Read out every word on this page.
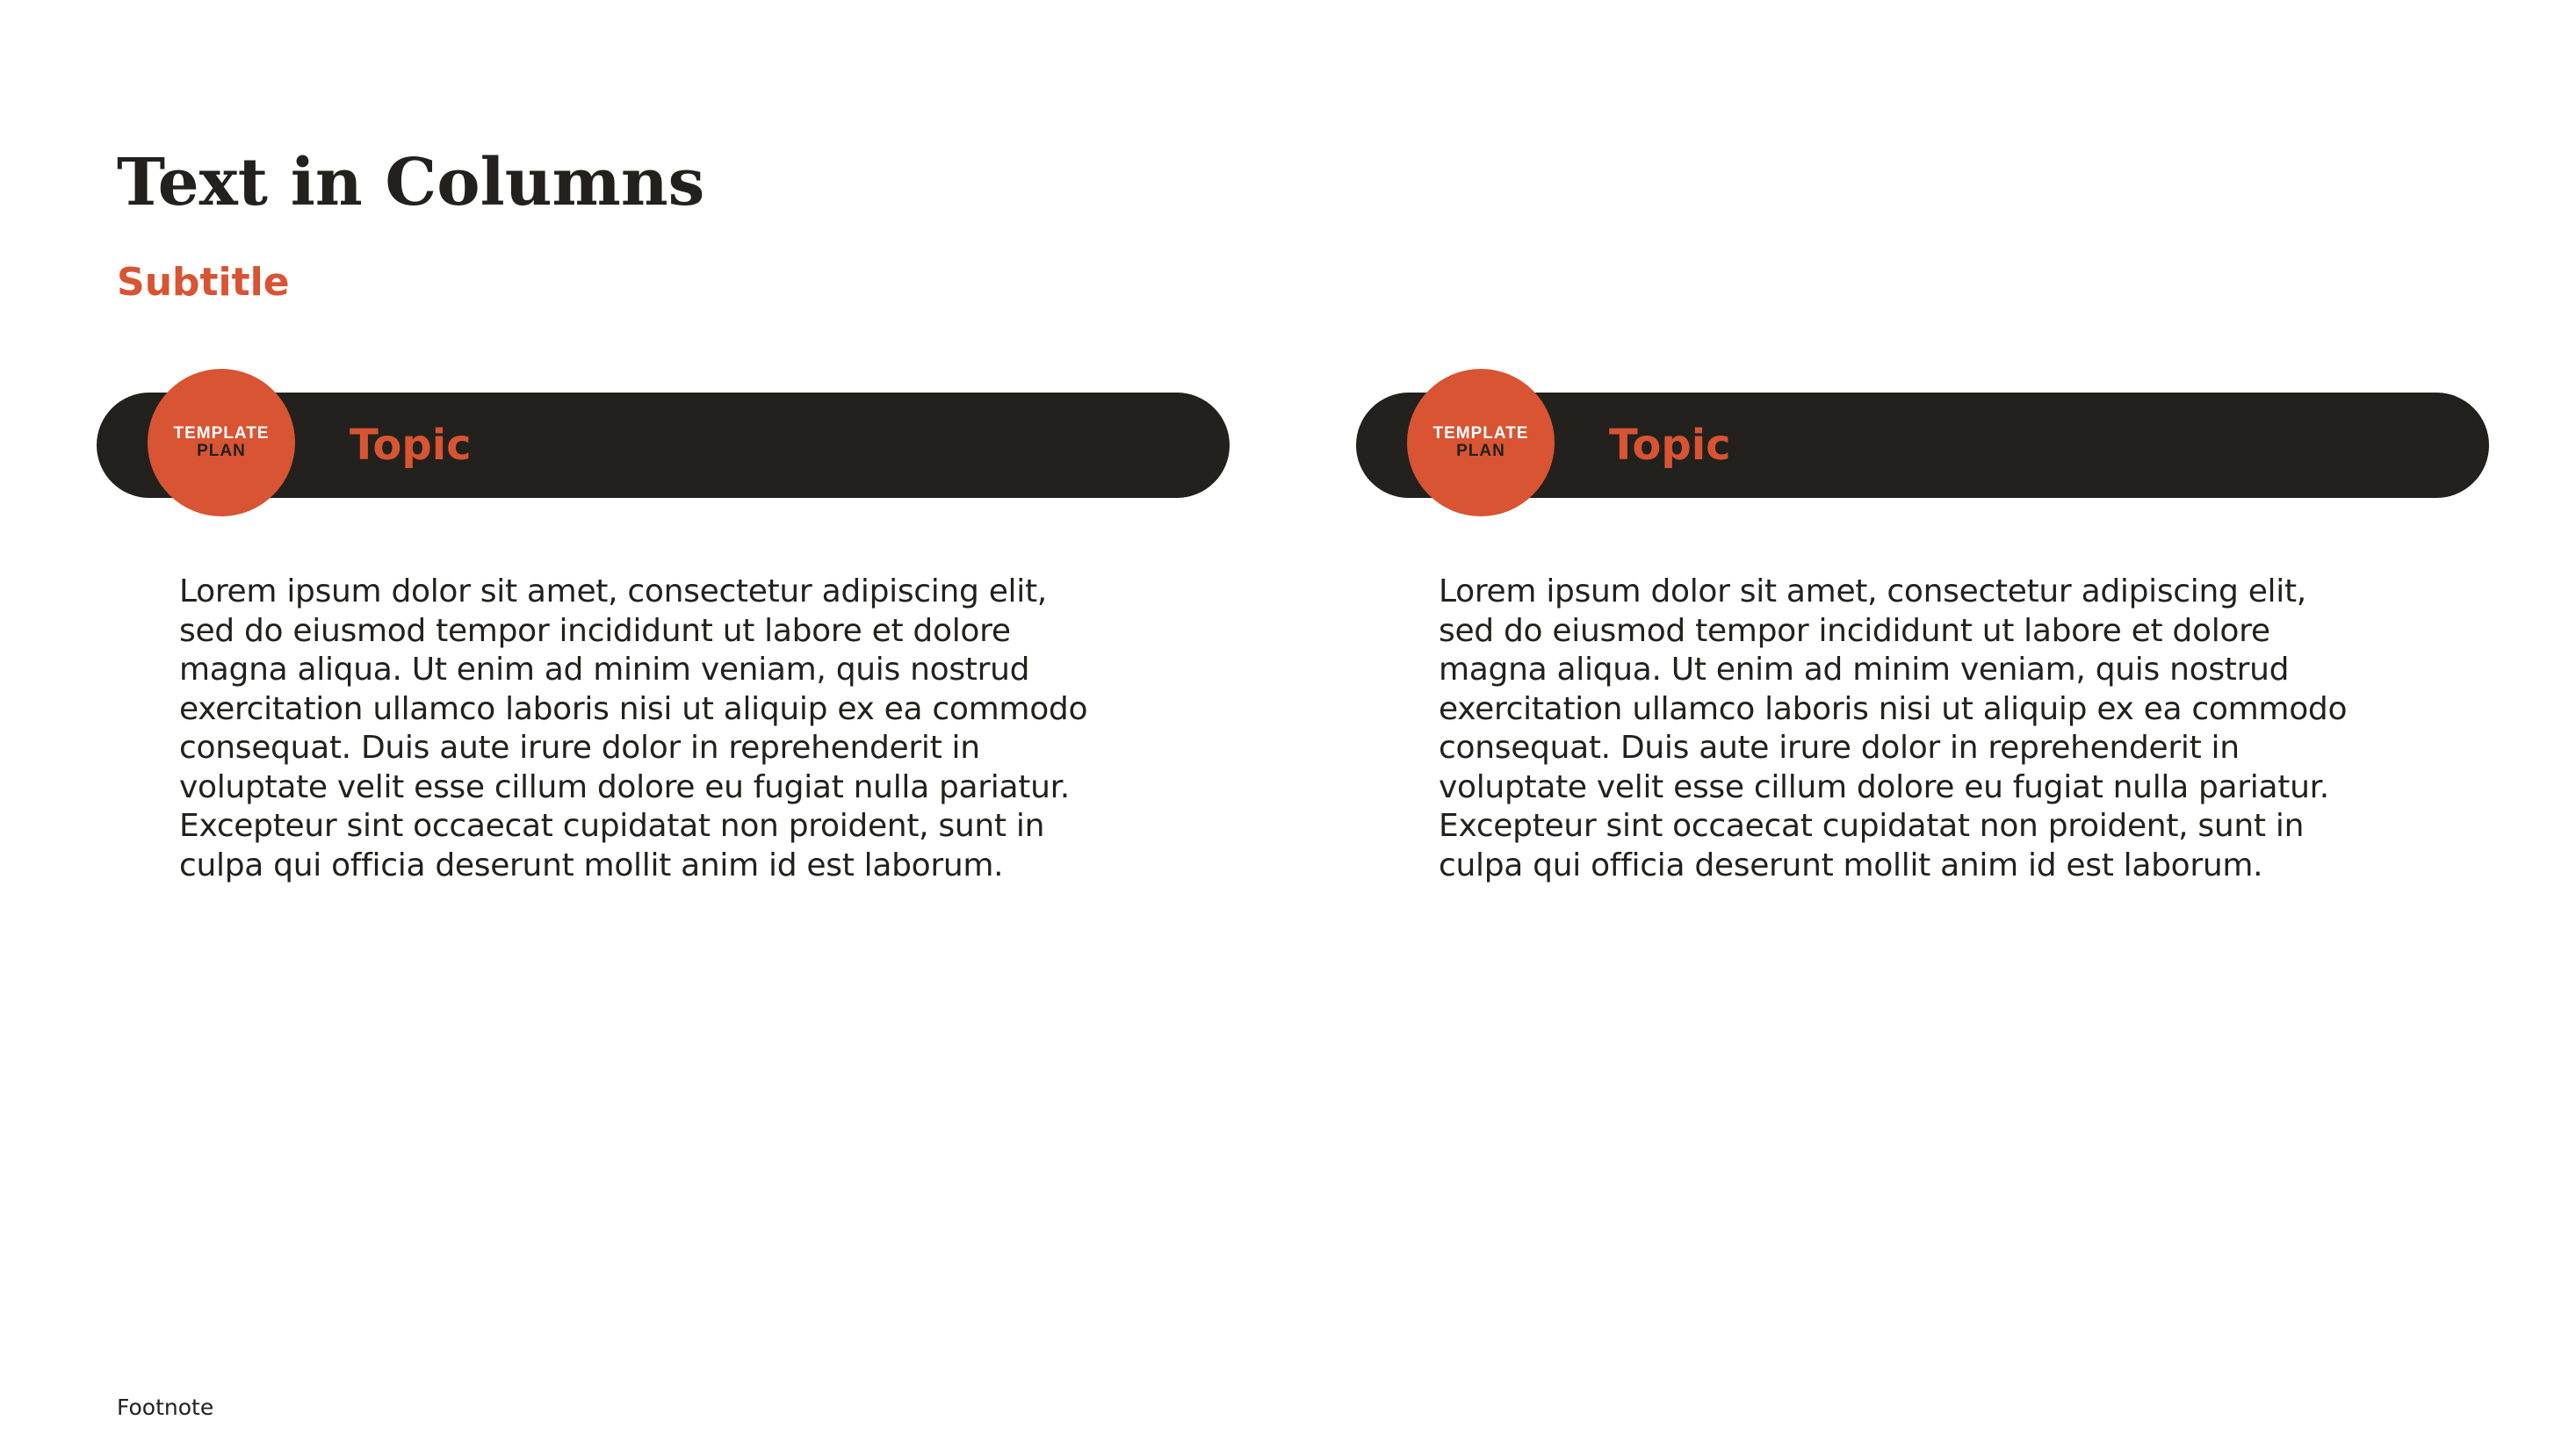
Text in Columns
Subtitle
TEMPLATE
PLAN Topic

Lorem ipsum dolor sit amet, consectetur adipiscing elit,
sed do eiusmod tempor incididunt ut labore et dolore
magna aliqua. Ut enim ad minim veniam, quis nostrud
exercitation ullamco laboris nisi ut aliquip ex ea commodo
consequat. Duis aute irure dolor in reprehenderit in
voluptate velit esse cillum dolore eu fugiat nulla pariatur.
Excepteur sint occaecat cupidatat non proident, sunt in
culpa qui officia deserunt mollit anim id est laborum.

TEMPLATE
PLAN Topic

Lorem ipsum dolor sit amet, consectetur adipiscing elit,
sed do eiusmod tempor incididunt ut labore et dolore
magna aliqua. Ut enim ad minim veniam, quis nostrud
exercitation ullamco laboris nisi ut aliquip ex ea commodo
consequat. Duis aute irure dolor in reprehenderit in
voluptate velit esse cillum dolore eu fugiat nulla pariatur.
Excepteur sint occaecat cupidatat non proident, sunt in
culpa qui officia deserunt mollit anim id est laborum.

Footnote
